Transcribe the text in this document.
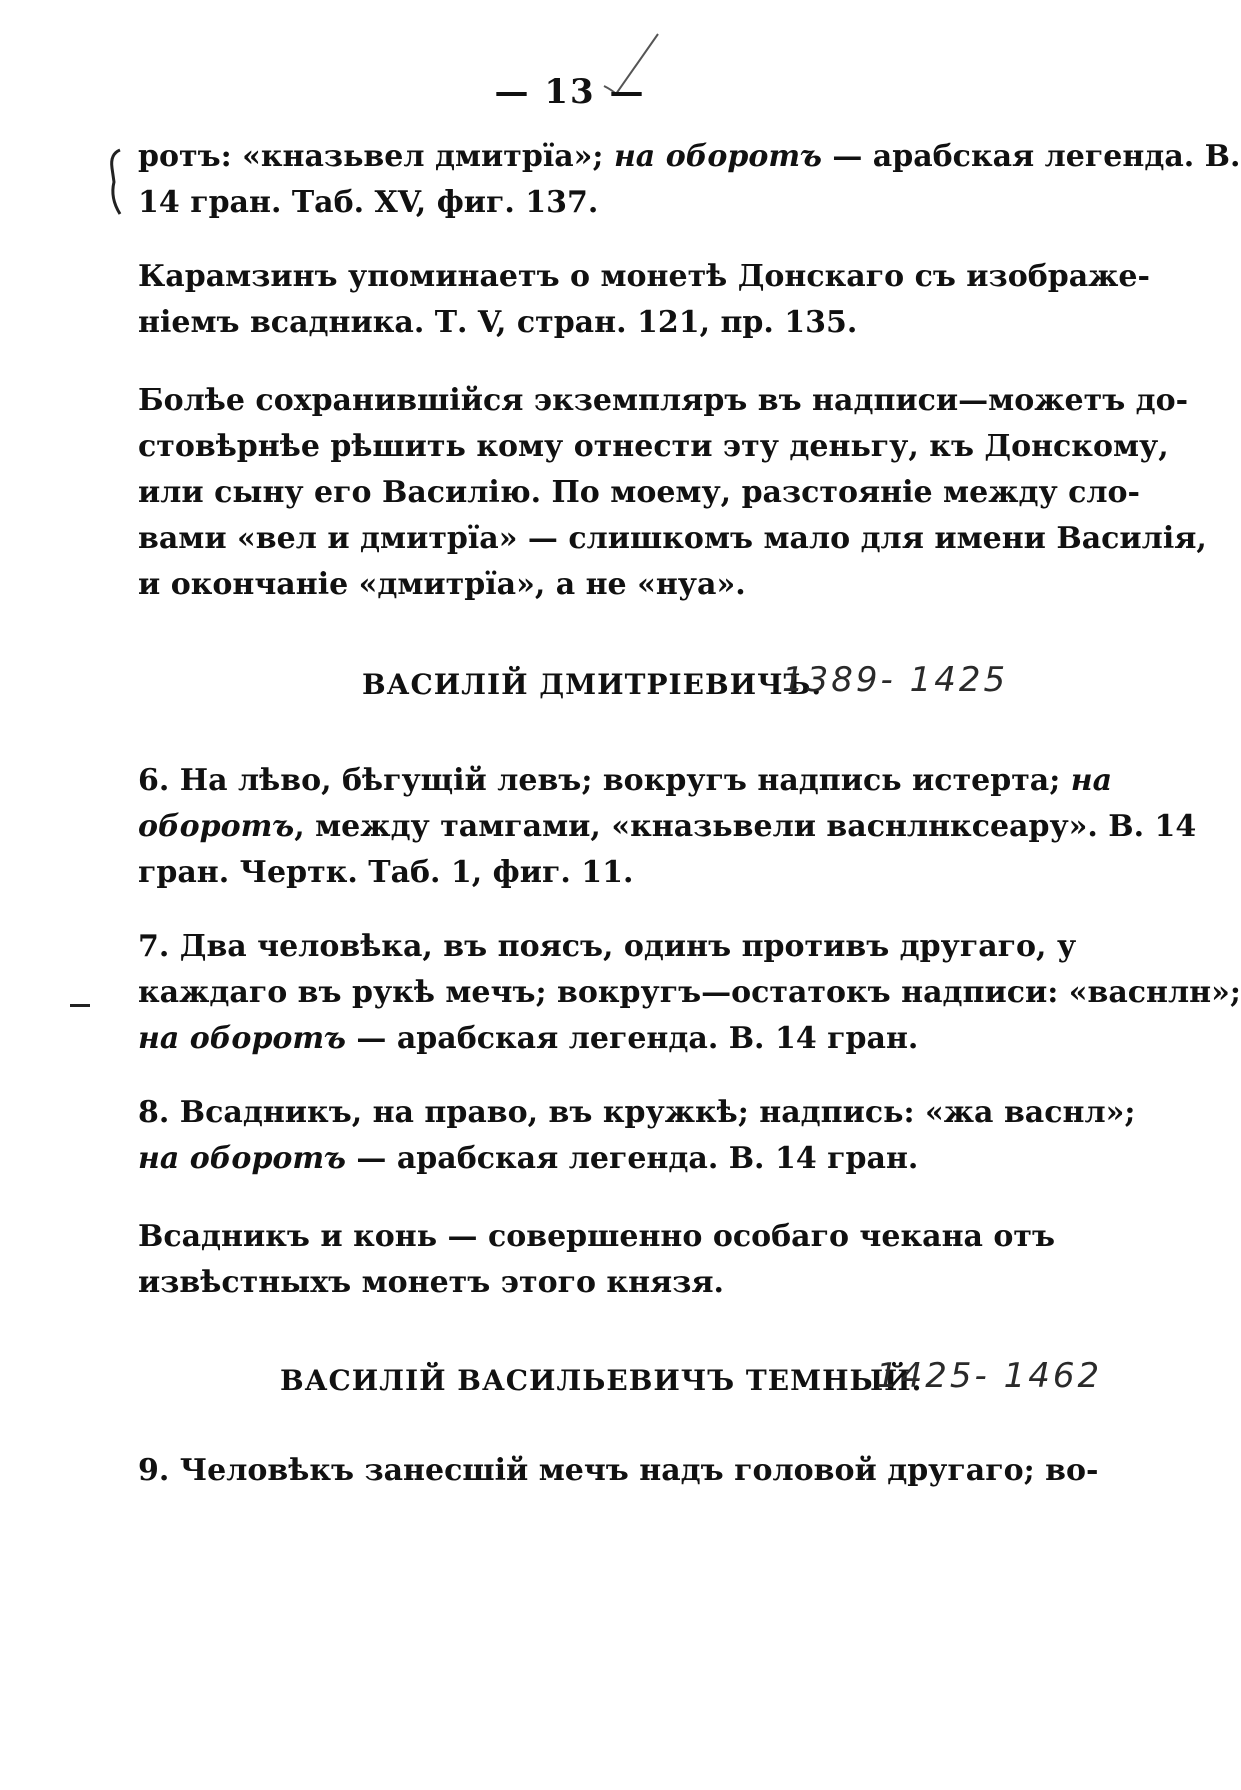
— 13 —
ротъ: «кназьвел дмитрїа»; на оборотъ — арабская легенда. В.
14 гран. Таб. XV, фиг. 137.
Карамзинъ упоминаетъ о монетѣ Донскаго съ изображе-
нiемъ всадника. Т. V, стран. 121, пр. 135.
Болѣе сохранившiйся экземпляръ въ надписи—можетъ до-
стовѣрнѣе рѣшить кому отнести эту деньгу, къ Донскому,
или сыну его Василiю. По моему, разстоянiе между сло-
вами «вел и дмитрїа» — слишкомъ мало для имени Василiя,
и окончанiе «дмитрїа», а не «нуа».
ВАСИЛIЙ ДМИТРIЕВИЧЪ.
1389- 1425
6. На лѣво, бѣгущiй левъ; вокругъ надпись истерта; на
оборотъ, между тамгами, «кназьвели васнлнксеару». В. 14
гран. Чертк. Таб. 1, фиг. 11.
7. Два человѣка, въ поясъ, одинъ противъ другаго, у
каждаго въ рукѣ мечъ; вокругъ—остатокъ надписи: «васнлн»;
на оборотъ — арабская легенда. В. 14 гран.
8. Всадникъ, на право, въ кружкѣ; надпись: «жа васнл»;
на оборотъ — арабская легенда. В. 14 гран.
Всадникъ и конь — совершенно особаго чекана отъ
извѣстныхъ монетъ этого князя.
ВАСИЛIЙ ВАСИЛЬЕВИЧЪ ТЕМНЫЙ.
1425- 1462
9. Человѣкъ занесшiй мечъ надъ головой другаго; во-
